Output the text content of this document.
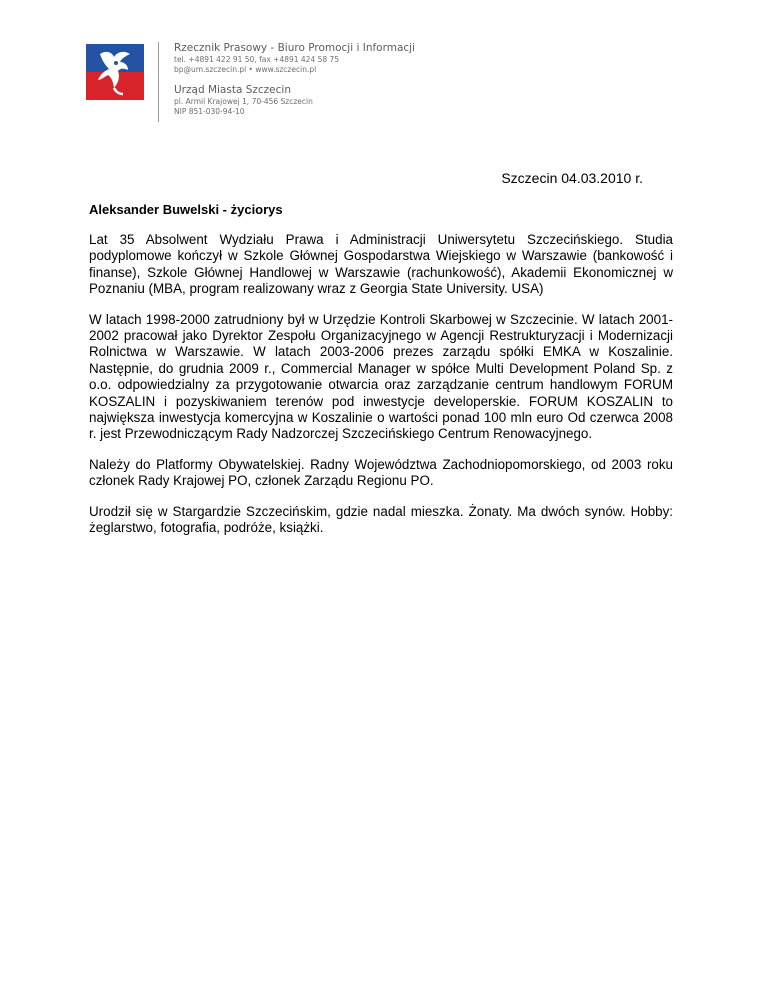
Rzecznik Prasowy - Biuro Promocji i Informacji
tel. +4891 422 91 50, fax +4891 424 58 75
bp@um.szczecin.pl • www.szczecin.pl
Urząd Miasta Szczecin
pl. Armii Krajowej 1, 70-456 Szczecin
NIP 851-030-94-10
Szczecin 04.03.2010 r.
Aleksander Buwelski - życiorys

Lat 35 Absolwent Wydziału Prawa i Administracji Uniwersytetu Szczecińskiego. Studia podyplomowe kończył w Szkole Głównej Gospodarstwa Wiejskiego w Warszawie (bankowość i finanse), Szkole Głównej Handlowej w Warszawie (rachunkowość), Akademii Ekonomicznej w Poznaniu (MBA, program realizowany wraz z Georgia State University. USA)

W latach 1998-2000 zatrudniony był w Urzędzie Kontroli Skarbowej w Szczecinie. W latach 2001-2002 pracował jako Dyrektor Zespołu Organizacyjnego w Agencji Restrukturyzacji i Modernizacji Rolnictwa w Warszawie. W latach 2003-2006 prezes zarządu spółki EMKA w Koszalinie. Następnie, do grudnia 2009 r., Commercial Manager w spółce Multi Development Poland Sp. z o.o. odpowiedzialny za przygotowanie otwarcia oraz zarządzanie centrum handlowym FORUM KOSZALIN i pozyskiwaniem terenów pod inwestycje developerskie. FORUM KOSZALIN to największa inwestycja komercyjna w Koszalinie o wartości ponad 100 mln euro Od czerwca 2008 r. jest Przewodniczącym Rady Nadzorczej Szczecińskiego Centrum Renowacyjnego.

Należy do Platformy Obywatelskiej. Radny Województwa Zachodniopomorskiego, od 2003 roku członek Rady Krajowej PO, członek Zarządu Regionu PO.

Urodził się w Stargardzie Szczecińskim, gdzie nadal mieszka. Żonaty. Ma dwóch synów. Hobby: żeglarstwo, fotografia, podróże, książki.
